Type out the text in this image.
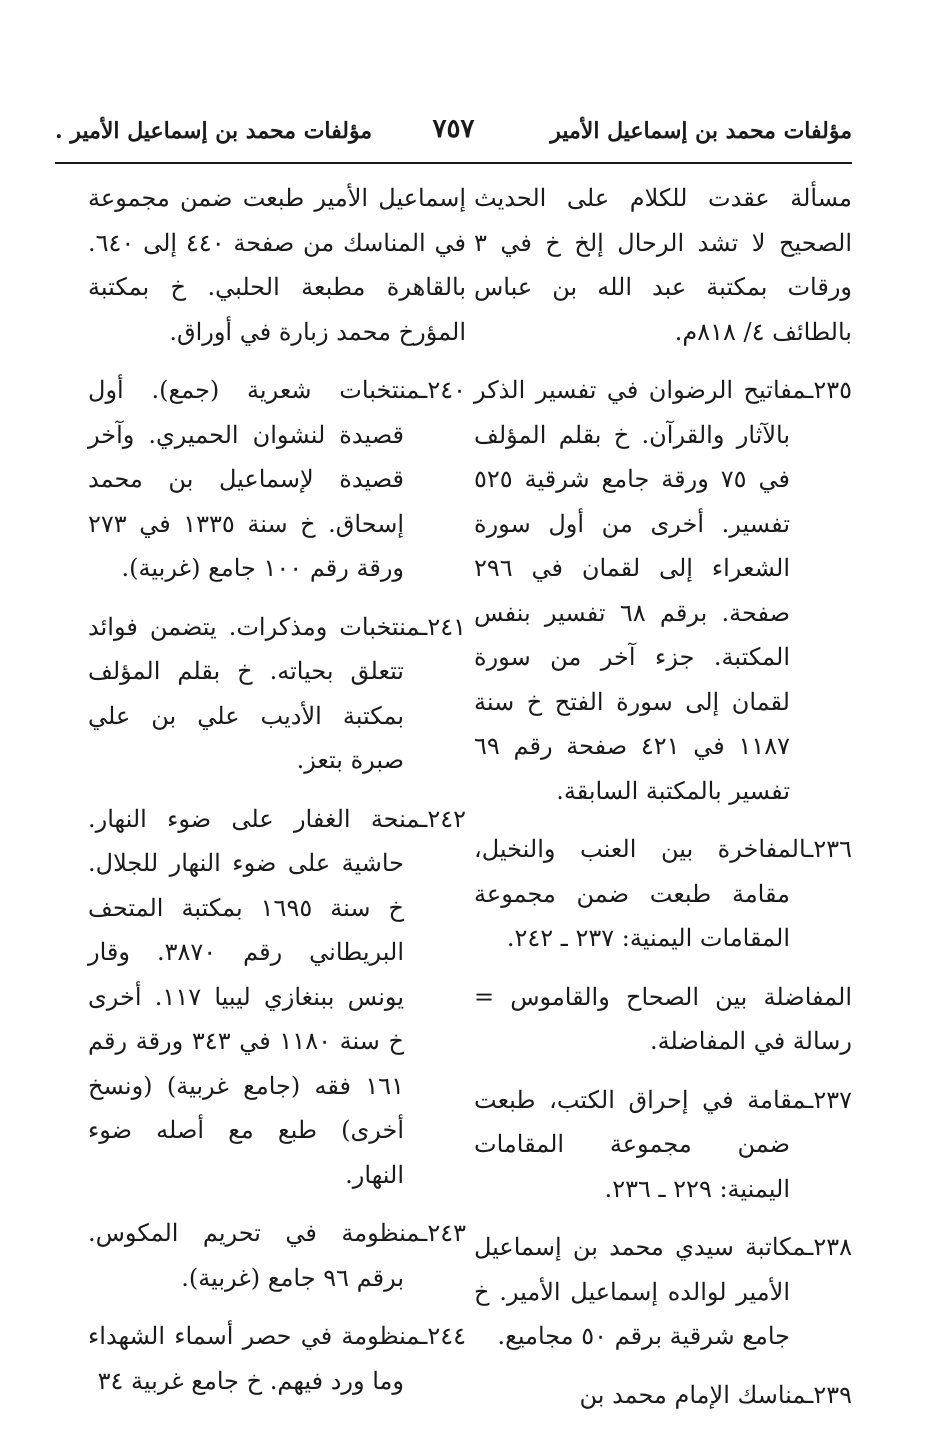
مؤلفات محمد بن إسماعيل الأمير
٧٥٧
مؤلفات محمد بن إسماعيل الأمير .

مسألة عقدت للكلام على الحديث الصحيح لا تشد الرحال إلخ خ في ٣ ورقات بمكتبة عبد الله بن عباس بالطائف ٤/ ٨١٨م.

٢٣٥ـمفاتيح الرضوان في تفسير الذكر بالآثار والقرآن. خ بقلم المؤلف في ٧٥ ورقة جامع شرقية ٥٢٥ تفسير. أخرى من أول سورة الشعراء إلى لقمان في ٢٩٦ صفحة. برقم ٦٨ تفسير بنفس المكتبة. جزء آخر من سورة لقمان إلى سورة الفتح خ سنة ١١٨٧ في ٤٢١ صفحة رقم ٦٩ تفسير بالمكتبة السابقة.

٢٣٦ـالمفاخرة بين العنب والنخيل، مقامة طبعت ضمن مجموعة المقامات اليمنية: ٢٣٧ ـ ٢٤٢.

المفاضلة بين الصحاح والقاموس = رسالة في المفاضلة.

٢٣٧ـمقامة في إحراق الكتب، طبعت ضمن مجموعة المقامات اليمنية: ٢٢٩ ـ ٢٣٦.

٢٣٨ـمكاتبة سيدي محمد بن إسماعيل الأمير لوالده إسماعيل الأمير. خ جامع شرقية برقم ٥٠ مجاميع.

٢٣٩ـمناسك الإمام محمد بن

إسماعيل الأمير طبعت ضمن مجموعة في المناسك من صفحة ٤٤٠ إلى ٦٤٠. بالقاهرة مطبعة الحلبي. خ بمكتبة المؤرخ محمد زبارة في أوراق.

٢٤٠ـمنتخبات شعرية (جمع). أول قصيدة لنشوان الحميري. وآخر قصيدة لإسماعيل بن محمد إسحاق. خ سنة ١٣٣٥ في ٢٧٣ ورقة رقم ١٠٠ جامع (غربية).

٢٤١ـمنتخبات ومذكرات. يتضمن فوائد تتعلق بحياته. خ بقلم المؤلف بمكتبة الأديب علي بن علي صبرة بتعز.

٢٤٢ـمنحة الغفار على ضوء النهار. حاشية على ضوء النهار للجلال. خ سنة ١٦٩٥ بمكتبة المتحف البريطاني رقم ٣٨٧٠. وقار يونس ببنغازي ليبيا ١١٧. أخرى خ سنة ١١٨٠ في ٣٤٣ ورقة رقم ١٦١ فقه (جامع غربية) (ونسخ أخرى) طبع مع أصله ضوء النهار.

٢٤٣ـمنظومة في تحريم المكوس. برقم ٩٦ جامع (غربية).

٢٤٤ـمنظومة في حصر أسماء الشهداء وما ورد فيهم. خ جامع غربية ٣٤
